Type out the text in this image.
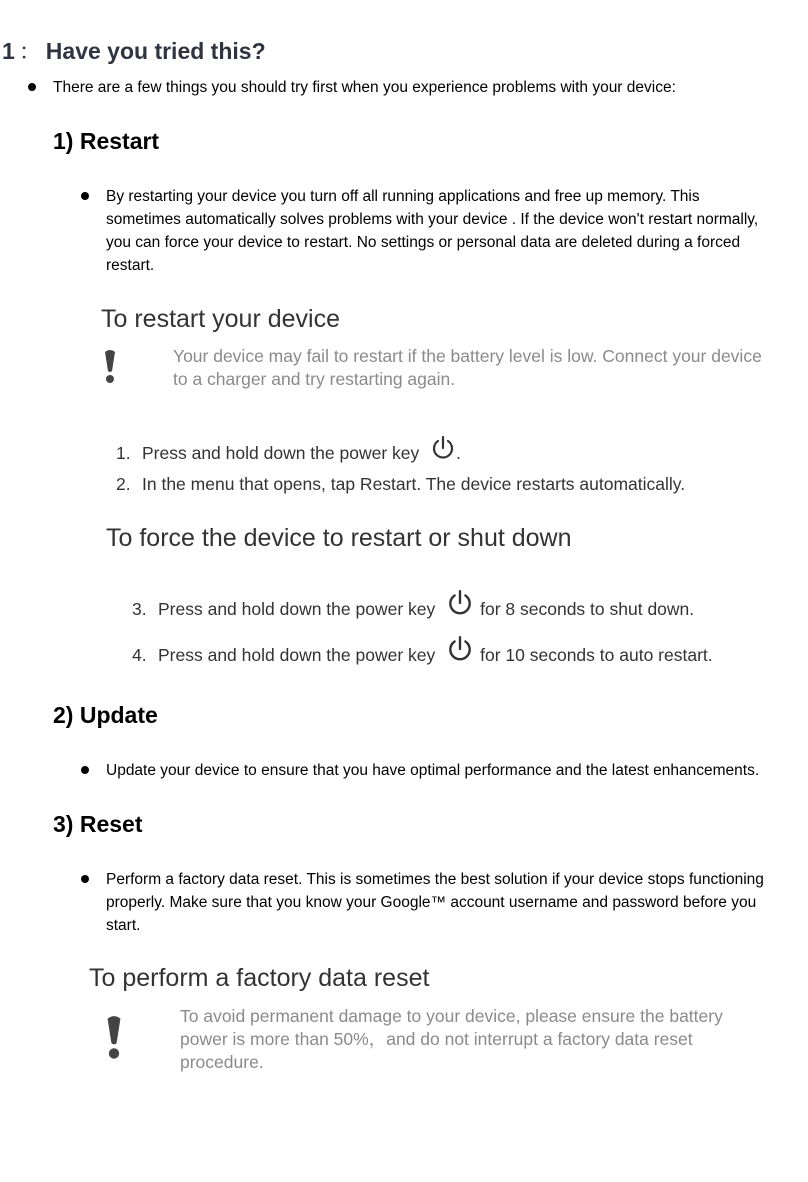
1 ： Have you tried this?
There are a few things you should try first when you experience problems with your device:
1) Restart
By restarting your device you turn off all running applications and free up memory. This sometimes automatically solves problems with your device . If the device won't restart normally, you can force your device to restart. No settings or personal data are deleted during a forced restart.
To restart your device
Your device may fail to restart if the battery level is low. Connect your device to a charger and try restarting again.
1. Press and hold down the power key .
2. In the menu that opens, tap Restart. The device restarts automatically.
To force the device to restart or shut down
3. Press and hold down the power key	for 8 seconds to shut down.
4. Press and hold down the power key	for 10 seconds to auto restart.
2) Update
Update your device to ensure that you have optimal performance and the latest enhancements.
3) Reset
Perform a factory data reset. This is sometimes the best solution if your device stops functioning properly. Make sure that you know your Google™ account username and password before you start.
To perform a factory data reset
To avoid permanent damage to your device, please ensure the battery power is more than 50%，and do not interrupt a factory data reset procedure.
